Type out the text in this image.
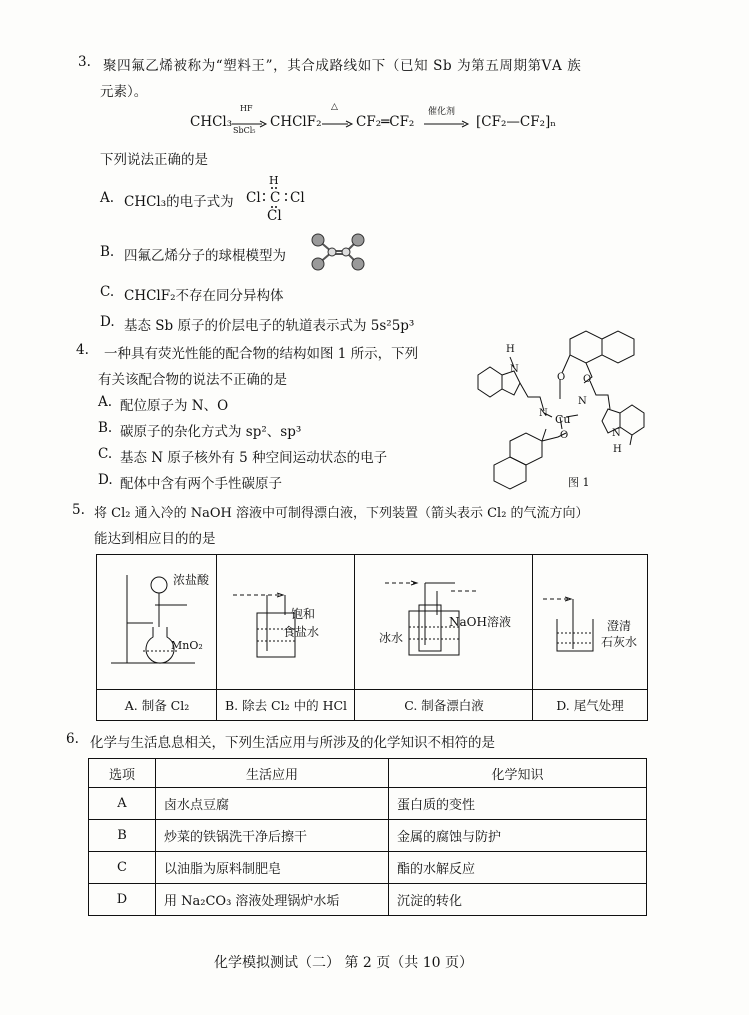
3. 聚四氟乙烯被称为“塑料王”，其合成路线如下（已知 Sb 为第五周期第ⅤA 族
元素）。
CHCl₃
HF
SbCl₅
CHClF₂
△
CF₂═CF₂
催化剂
[CF₂—CF₂]ₙ
下列说法正确的是
A. CHCl₃的电子式为
H
Cl C Cl
Cl
B. 四氟乙烯分子的球棍模型为
C. CHClF₂不存在同分异构体
D. 基态 Sb 原子的价层电子的轨道表示式为 5s²5p³
4. 一种具有荧光性能的配合物的结构如图 1 所示，下列
有关该配合物的说法不正确的是
A. 配位原子为 N、O
B. 碳原子的杂化方式为 sp²、sp³
C. 基态 N 原子核外有 5 种空间运动状态的电子
D. 配体中含有两个手性碳原子
H
N
O O
N Cu
N
O	N
H
图 1
5. 将 Cl₂ 通入冷的 NaOH 溶液中可制得漂白液，下列装置（箭头表示 Cl₂ 的气流方向）
能达到相应目的的是
浓盐酸
MnO₂
饱和
食盐水
NaOH溶液
冰水
澄清
石灰水
A. 制备 Cl₂	B. 除去 Cl₂ 中的 HCl	C. 制备漂白液	D. 尾气处理
6. 化学与生活息息相关，下列生活应用与所涉及的化学知识不相符的是
选项	生活应用	化学知识
A	卤水点豆腐	蛋白质的变性
B	炒菜的铁锅洗干净后擦干	金属的腐蚀与防护
C	以油脂为原料制肥皂	酯的水解反应
D	用 Na₂CO₃ 溶液处理锅炉水垢	沉淀的转化
化学模拟测试（二） 第 2 页（共 10 页）
